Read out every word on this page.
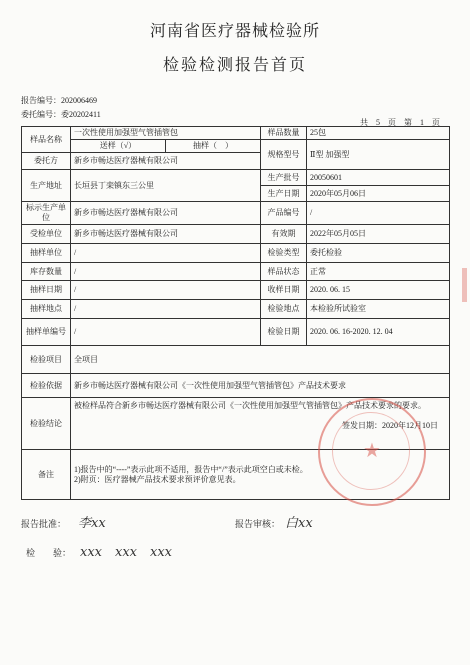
河南省医疗器械检验所
检验检测报告首页
报告编号：202006469
委托编号：委20202411
共　5　页　第　1　页
样品名称	一次性使用加强型气管插管包		样品数量	25包
	送样（√）	抽样（　）	规格型号	Ⅱ型 加强型
委托方	新乡市畅达医疗器械有限公司			
生产地址	长垣县丁栾镇东三公里		生产批号	20050601
			生产日期	2020年05月06日
标示生产单位	新乡市畅达医疗器械有限公司		产品编号	/
受检单位	新乡市畅达医疗器械有限公司		有效期	2022年05月05日
抽样单位	/		检验类型	委托检验
库存数量	/		样品状态	正常
抽样日期	/		收样日期	2020. 06. 15
抽样地点	/		检验地点	本检验所试验室
抽样单编号	/		检验日期	2020. 06. 16-2020. 12. 04
检验项目	全项目			
检验依据	新乡市畅达医疗器械有限公司《一次性使用加强型气管插管包》产品技术要求			
检验结论	被检样品符合新乡市畅达医疗器械有限公司《一次性使用加强型气管插管包》产品技术要求的要求。
签发日期：2020年12月10日			

备注	1)报告中的“----”表示此项不适用，报告中“/”表示此项空白或未检。
2)附页：医疗器械产品技术要求预评价意见表。			
★
报告批准： 李xx	报告审核： 白xx
检　　验： xxx　xxx　xxx
